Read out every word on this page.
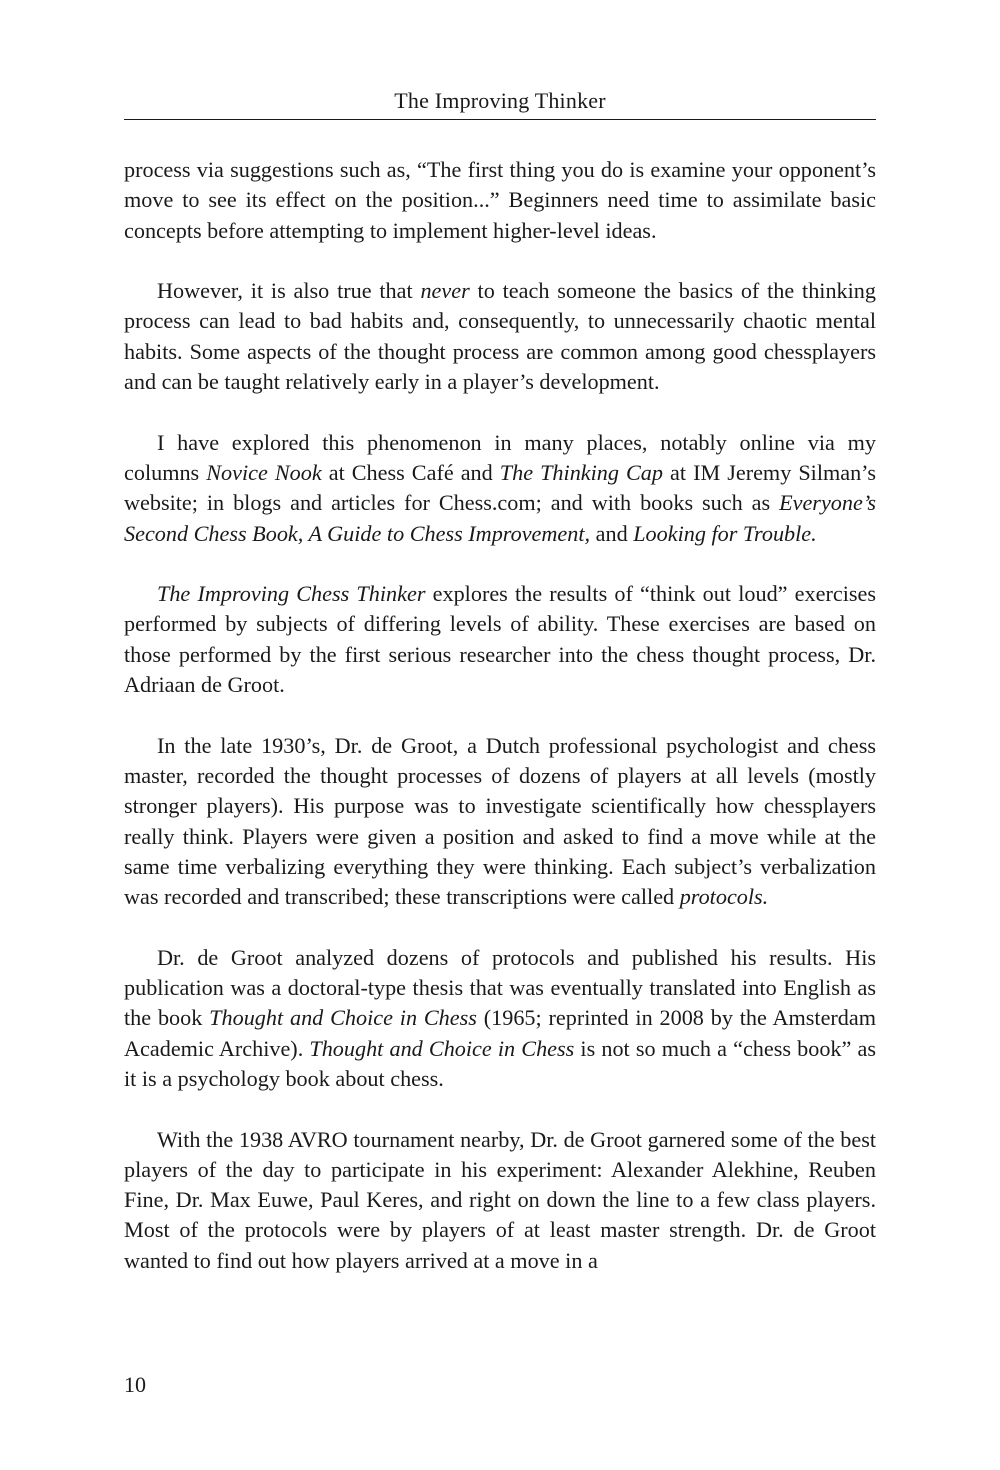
The Improving Thinker

process via suggestions such as, “The first thing you do is examine your opponent’s move to see its effect on the position...” Beginners need time to assimilate basic concepts before attempting to implement higher-level ideas.

However, it is also true that never to teach someone the basics of the thinking process can lead to bad habits and, consequently, to unnecessarily chaotic mental habits. Some aspects of the thought process are common among good chessplayers and can be taught relatively early in a player’s development.

I have explored this phenomenon in many places, notably online via my columns Novice Nook at Chess Café and The Thinking Cap at IM Jeremy Silman’s website; in blogs and articles for Chess.com; and with books such as Everyone’s Second Chess Book, A Guide to Chess Improvement, and Looking for Trouble.

The Improving Chess Thinker explores the results of “think out loud” exercises performed by subjects of differing levels of ability. These exercises are based on those performed by the first serious researcher into the chess thought process, Dr. Adriaan de Groot.

In the late 1930’s, Dr. de Groot, a Dutch professional psychologist and chess master, recorded the thought processes of dozens of players at all levels (mostly stronger players). His purpose was to investigate scientifically how chessplayers really think. Players were given a position and asked to find a move while at the same time verbalizing everything they were thinking. Each subject’s verbalization was recorded and transcribed; these transcriptions were called protocols.

Dr. de Groot analyzed dozens of protocols and published his results. His publication was a doctoral-type thesis that was eventually translated into English as the book Thought and Choice in Chess (1965; reprinted in 2008 by the Amsterdam Academic Archive). Thought and Choice in Chess is not so much a “chess book” as it is a psychology book about chess.

With the 1938 AVRO tournament nearby, Dr. de Groot garnered some of the best players of the day to participate in his experiment: Alexander Alekhine, Reuben Fine, Dr. Max Euwe, Paul Keres, and right on down the line to a few class players. Most of the protocols were by players of at least master strength. Dr. de Groot wanted to find out how players arrived at a move in a

10
